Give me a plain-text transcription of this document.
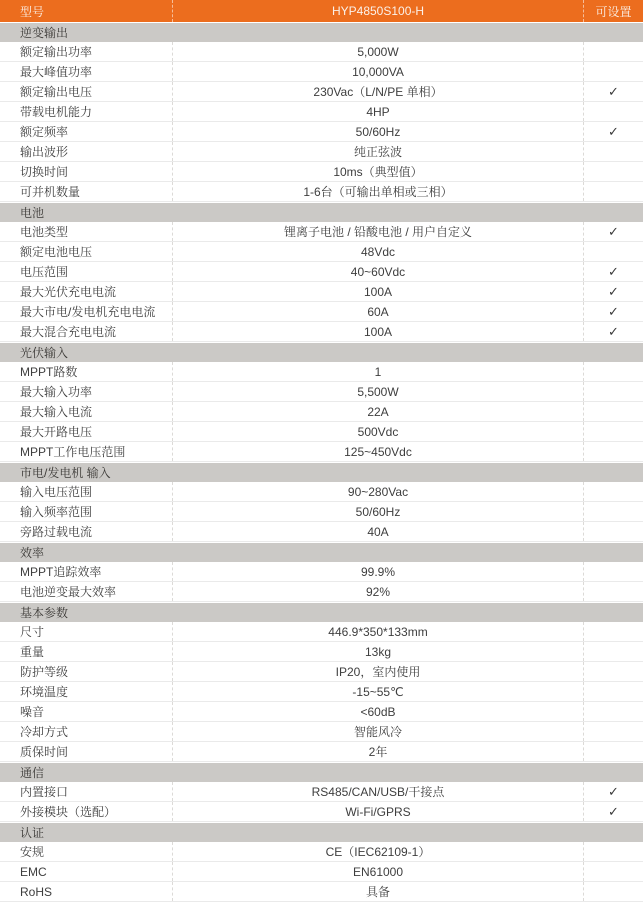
型号	HYP4850S100-H	可设置
逆变输出
额定输出功率	5,000W
最大峰值功率	10,000VA
额定输出电压	230Vac（L/N/PE 单相）	✓
带载电机能力	4HP
额定频率	50/60Hz	✓
输出波形	纯正弦波
切换时间	10ms（典型值）
可并机数量	1-6台（可输出单相或三相）
电池
电池类型	锂离子电池 / 铅酸电池 / 用户自定义	✓
额定电池电压	48Vdc
电压范围	40~60Vdc	✓
最大光伏充电电流	100A	✓
最大市电/发电机充电电流	60A	✓
最大混合充电电流	100A	✓
光伏输入
MPPT路数	1
最大输入功率	5,500W
最大输入电流	22A
最大开路电压	500Vdc
MPPT工作电压范围	125~450Vdc
市电/发电机 输入
输入电压范围	90~280Vac
输入频率范围	50/60Hz
旁路过载电流	40A
效率
MPPT追踪效率	99.9%
电池逆变最大效率	92%
基本参数
尺寸	446.9*350*133mm
重量	13kg
防护等级	IP20，室内使用
环境温度	-15~55℃
噪音	<60dB
冷却方式	智能风冷
质保时间	2年
通信
内置接口	RS485/CAN/USB/干接点	✓
外接模块（选配）	Wi-Fi/GPRS	✓
认证
安规	CE（IEC62109-1）
EMC	EN61000
RoHS	具备
